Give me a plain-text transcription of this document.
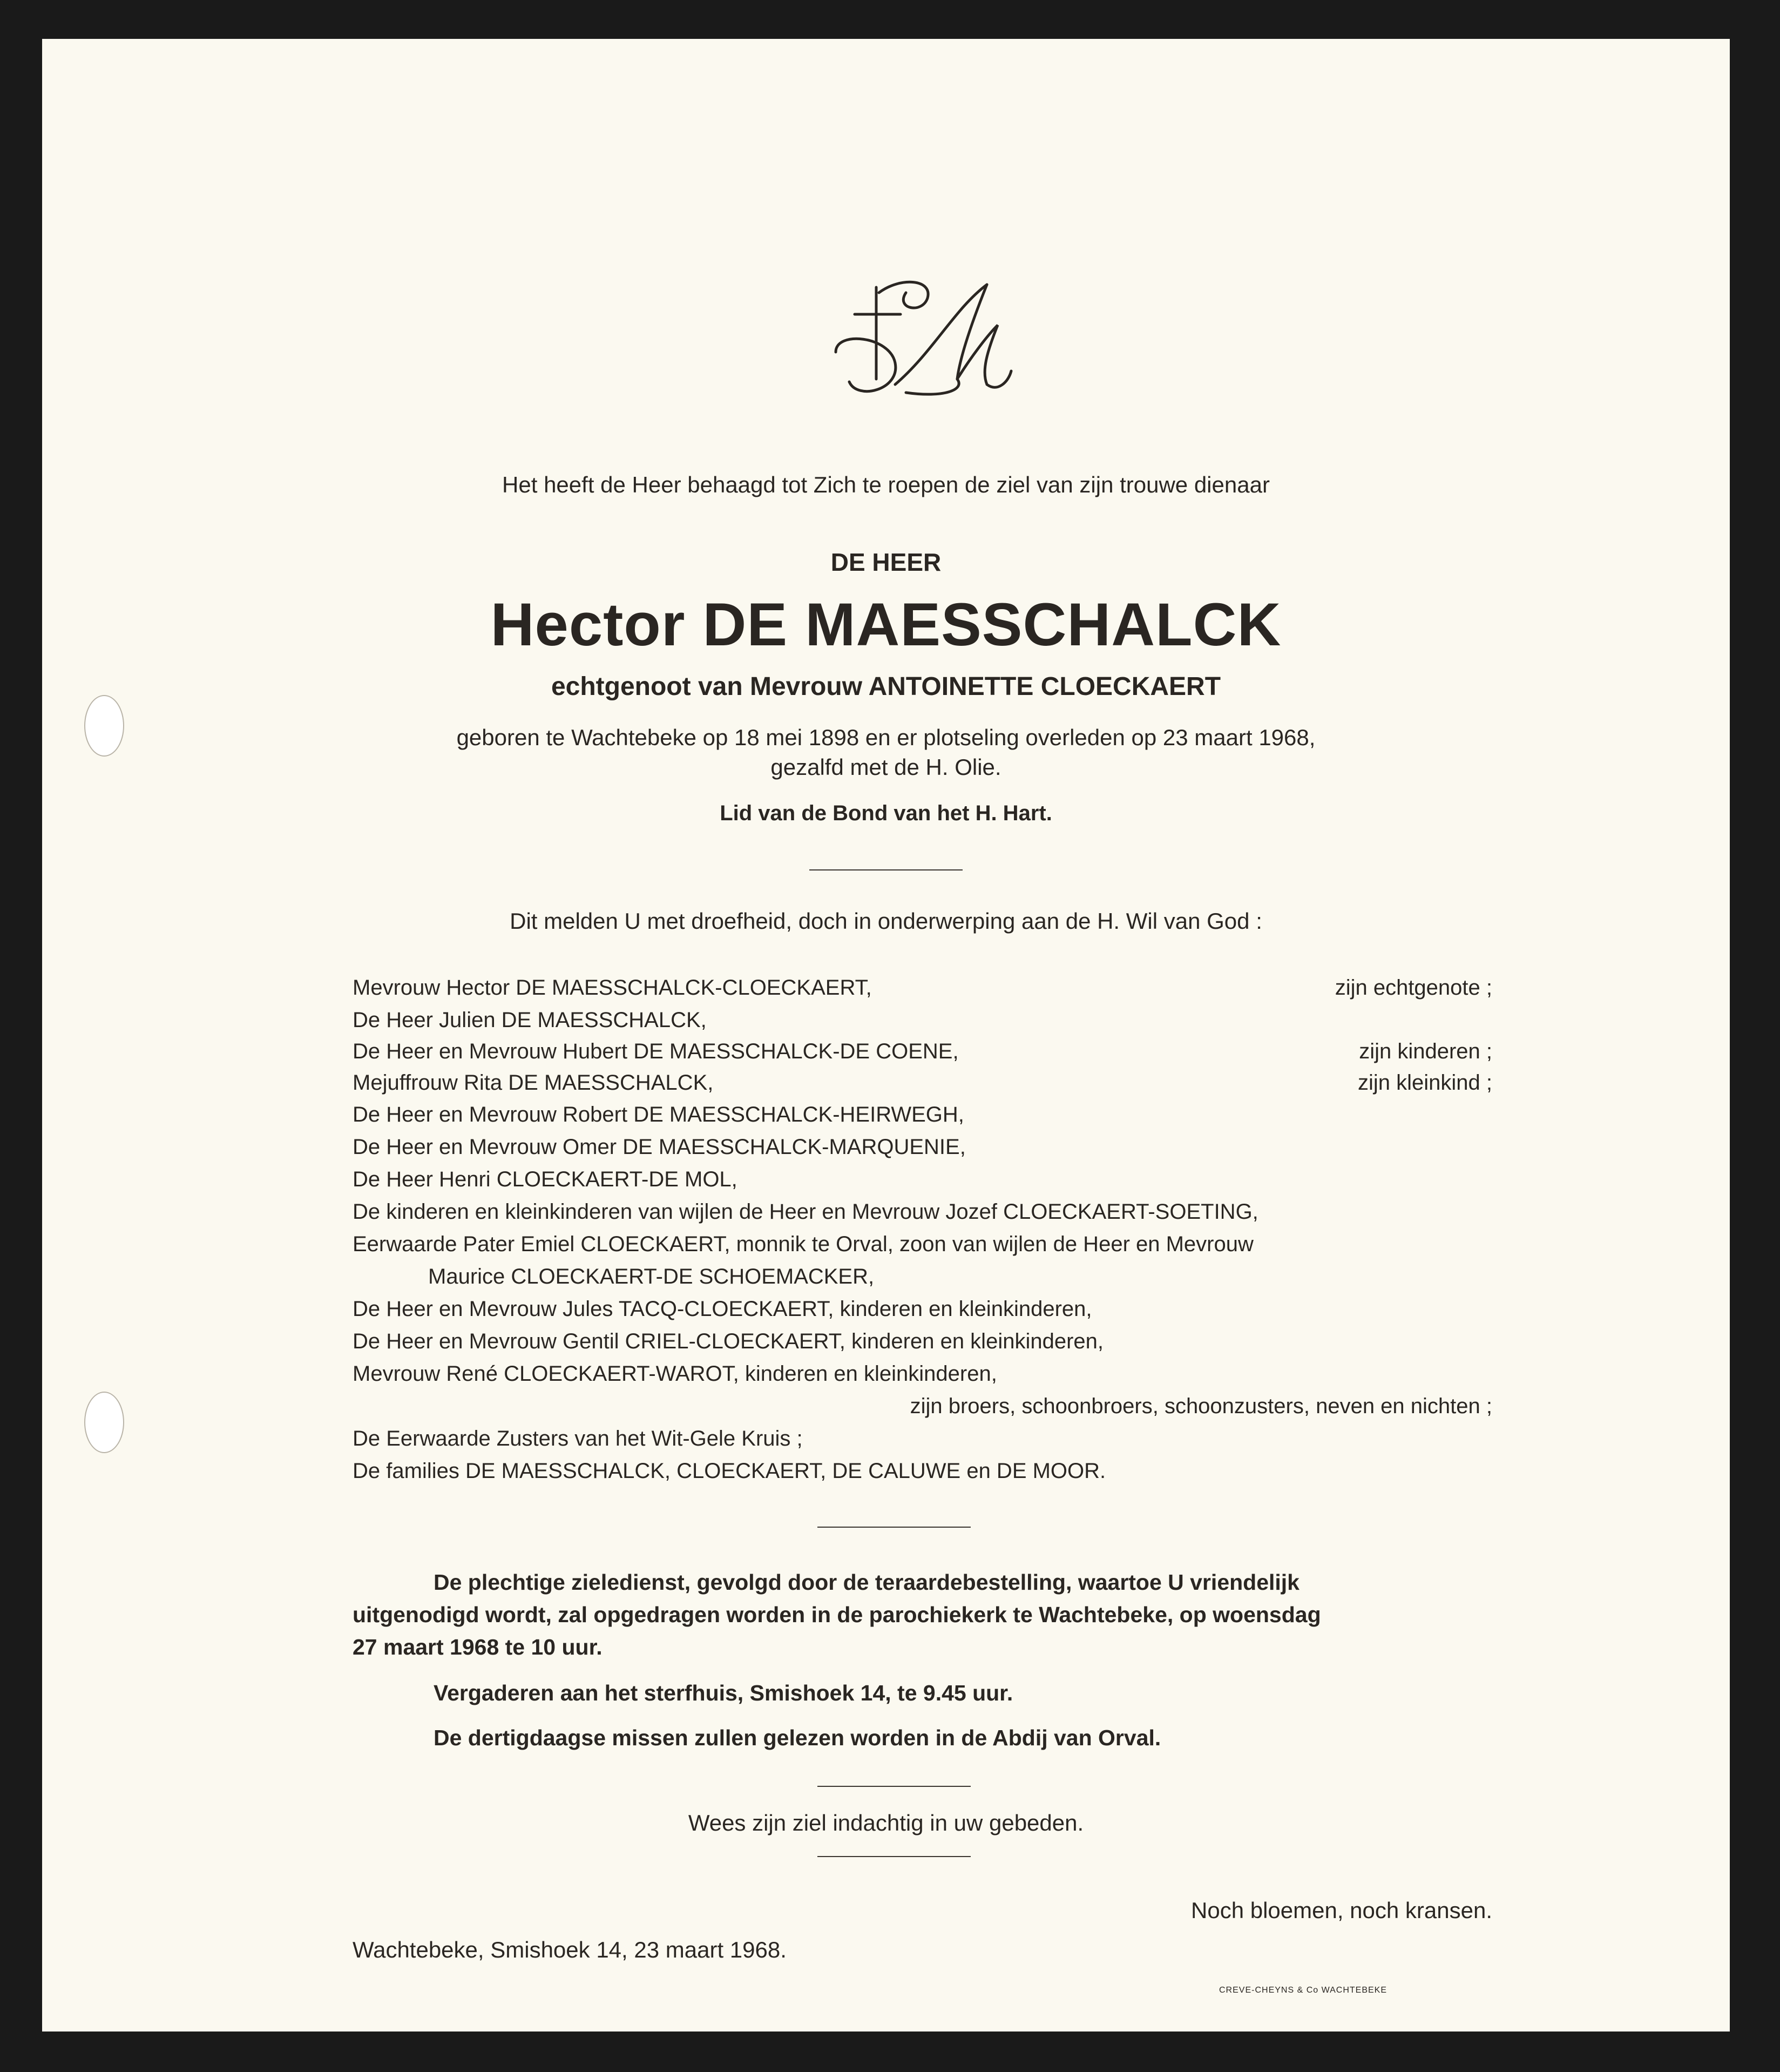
Het heeft de Heer behaagd tot Zich te roepen de ziel van zijn trouwe dienaar
DE HEER
Hector DE MAESSCHALCK
echtgenoot van Mevrouw ANTOINETTE CLOECKAERT
geboren te Wachtebeke op 18 mei 1898 en er plotseling overleden op 23 maart 1968,
gezalfd met de H. Olie.
Lid van de Bond van het H. Hart.
Dit melden U met droefheid, doch in onderwerping aan de H. Wil van God :
Mevrouw Hector DE MAESSCHALCK-CLOECKAERT,	zijn echtgenote ;
De Heer Julien DE MAESSCHALCK,
De Heer en Mevrouw Hubert DE MAESSCHALCK-DE COENE,	zijn kinderen ;
Mejuffrouw Rita DE MAESSCHALCK,	zijn kleinkind ;
De Heer en Mevrouw Robert DE MAESSCHALCK-HEIRWEGH,
De Heer en Mevrouw Omer DE MAESSCHALCK-MARQUENIE,
De Heer Henri CLOECKAERT-DE MOL,
De kinderen en kleinkinderen van wijlen de Heer en Mevrouw Jozef CLOECKAERT-SOETING,
Eerwaarde Pater Emiel CLOECKAERT, monnik te Orval, zoon van wijlen de Heer en Mevrouw
Maurice CLOECKAERT-DE SCHOEMACKER,
De Heer en Mevrouw Jules TACQ-CLOECKAERT, kinderen en kleinkinderen,
De Heer en Mevrouw Gentil CRIEL-CLOECKAERT, kinderen en kleinkinderen,
Mevrouw René CLOECKAERT-WAROT, kinderen en kleinkinderen,
zijn broers, schoonbroers, schoonzusters, neven en nichten ;
De Eerwaarde Zusters van het Wit-Gele Kruis ;
De families DE MAESSCHALCK, CLOECKAERT, DE CALUWE en DE MOOR.
De plechtige zieledienst, gevolgd door de teraardebestelling, waartoe U vriendelijk
uitgenodigd wordt, zal opgedragen worden in de parochiekerk te Wachtebeke, op woensdag
27 maart 1968 te 10 uur.
Vergaderen aan het sterfhuis, Smishoek 14, te 9.45 uur.
De dertigdaagse missen zullen gelezen worden in de Abdij van Orval.
Wees zijn ziel indachtig in uw gebeden.
Noch bloemen, noch kransen.
Wachtebeke, Smishoek 14, 23 maart 1968.
CREVE-CHEYNS & Co WACHTEBEKE
